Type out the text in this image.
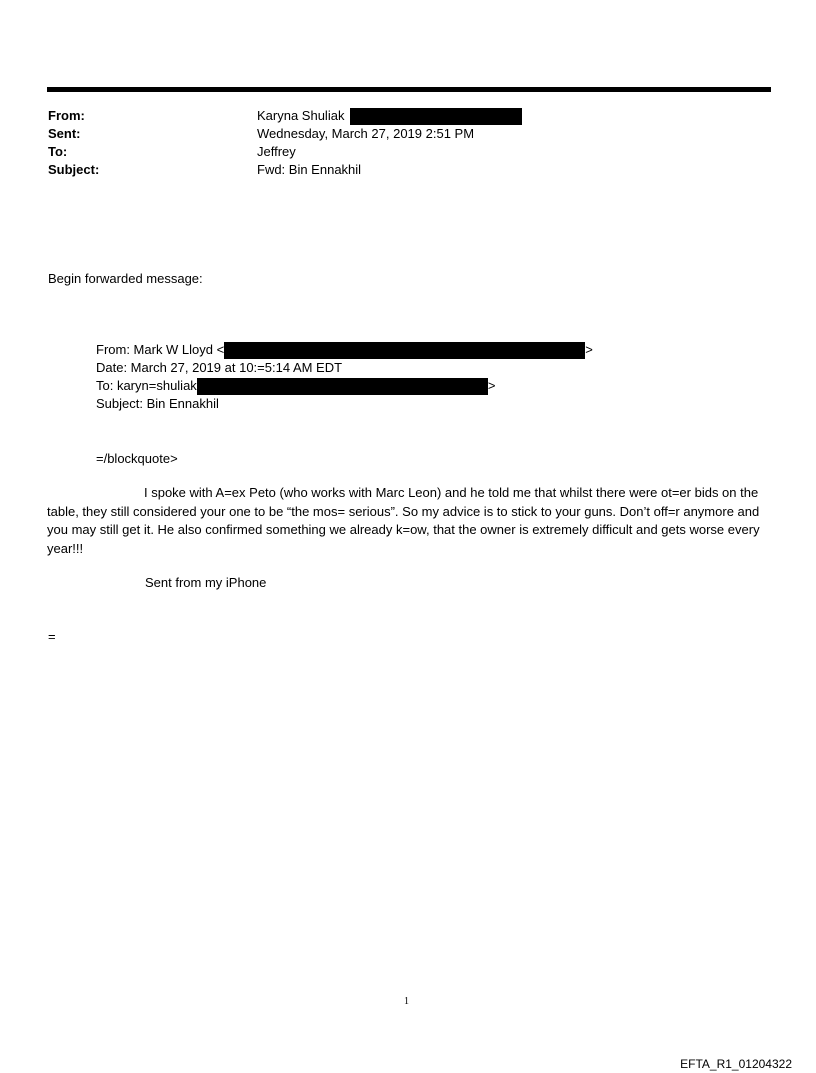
From:	Karyna Shuliak
Sent:	Wednesday, March 27, 2019 2:51 PM
To:	Jeffrey
Subject:	Fwd: Bin Ennakhil
Begin forwarded message:
From: Mark W Lloyd <	>
Date: March 27, 2019 at 10:=5:14 AM EDT
To: karyn=shuliak	>
Subject: Bin Ennakhil
=/blockquote>
I spoke with A=ex Peto (who works with Marc Leon) and he told me that whilst there were ot=er bids on the table, they still considered your one to be “the mos= serious”. So my advice is to stick to your guns. Don’t off=r anymore and you may still get it. He also confirmed something we already k=ow, that the owner is extremely difficult and gets worse every year!!!
Sent from my iPhone
=
1
EFTA_R1_01204322
